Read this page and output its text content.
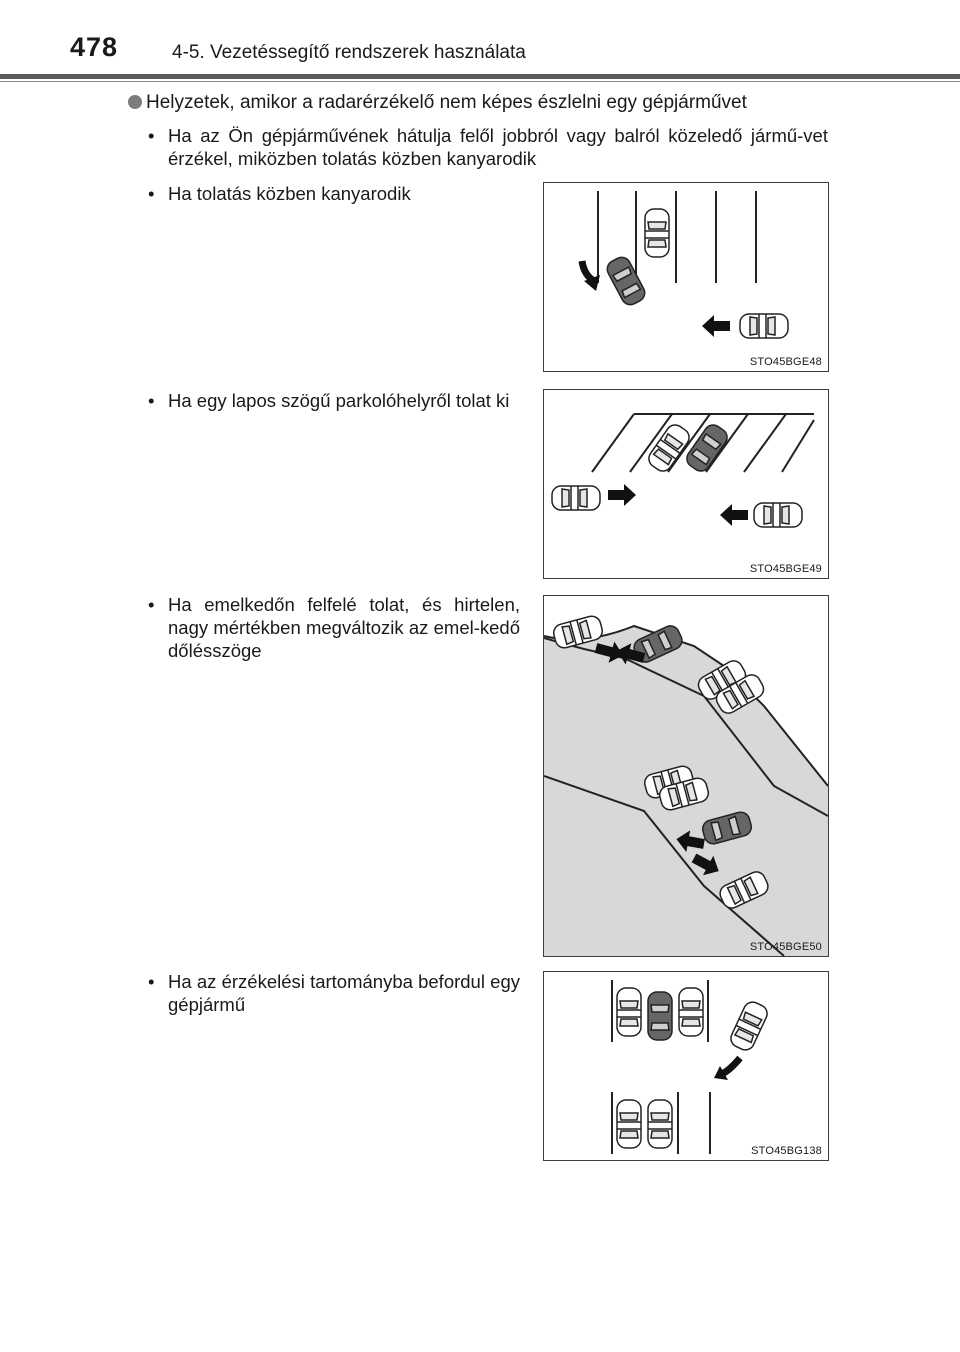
478	4-5. Vezetéssegítő rendszerek használata
Helyzetek, amikor a radarérzékelő nem képes észlelni egy gépjárművet
• Ha az Ön gépjárművének hátulja felől jobbról vagy balról közeledő jármű-vet érzékel, miközben tolatás közben kanyarodik
• Ha tolatás közben kanyarodik
• Ha egy lapos szögű parkolóhelyről tolat ki
• Ha emelkedőn felfelé tolat, és hirtelen, nagy mértékben megváltozik az emel-kedő dőlésszöge
• Ha az érzékelési tartományba befordul egy gépjármű
STO45BGE48
STO45BGE49
STO45BGE50
STO45BG138
